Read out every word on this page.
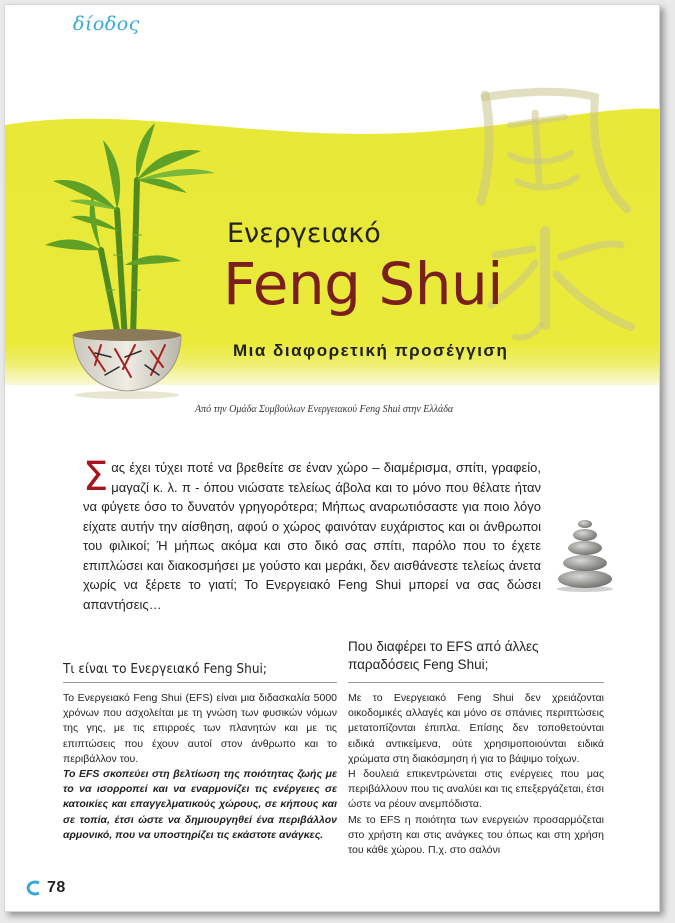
δίοδος
Ενεργειακό
Feng Shui
Μια διαφορετική προσέγγιση
Από την Ομάδα Συμβούλων Ενεργειακού Feng Shui στην Ελλάδα
Σ ας έχει τύχει ποτέ να βρεθείτε σε έναν χώρο – διαμέρισμα, σπίτι, γραφείο, μαγαζί κ. λ. π - όπου νιώσατε τελείως άβολα και το μόνο που θέλατε ήταν να φύγετε όσο το δυνατόν γρηγορότερα; Μήπως αναρωτιόσαστε για ποιο λόγο είχατε αυτήν την αίσθηση, αφού ο χώρος φαινόταν ευχάριστος και οι άνθρωποι του φιλικοί; Ή μήπως ακόμα και στο δικό σας σπίτι, παρόλο που το έχετε επιπλώσει και διακοσμήσει με γούστο και μεράκι, δεν αισθάνεστε τελείως άνετα χωρίς να ξέρετε το γιατί; Το Ενεργειακό Feng Shui μπορεί να σας δώσει απαντήσεις…
Που διαφέρει το EFS από άλλες
παραδόσεις Feng Shui;
Τι είναι το Ενεργειακό Feng Shui;

Το Ενεργειακό Feng Shui (EFS) είναι μια διδασκαλία 5000 χρόνων που ασχολείται με τη γνώση των φυσικών νόμων της γης, με τις επιρροές των πλανητών και με τις επιπτώσεις που έχουν αυτοί στον άνθρωπο και το περιβάλλον του.

Το EFS σκοπεύει στη βελτίωση της ποιότητας ζωής με το να ισορροπεί και να εναρμονίζει τις ενέργειες σε κατοικίες και επαγγελματικούς χώρους, σε κήπους και σε τοπία, έτσι ώστε να δημιουργηθεί ένα περιβάλλον αρμονικό, που να υποστηρίζει τις εκάστοτε ανάγκες.

Με το Ενεργειακό Feng Shui δεν χρειάζονται οικοδομικές αλλαγές και μόνο σε σπάνιες περιπτώσεις μετατοπίζονται έπιπλα. Επίσης δεν τοποθετούνται ειδικά αντικείμενα, ούτε χρησιμοποιούνται ειδικά χρώματα στη διακόσμηση ή για το βάψιμο τοίχων.

Η δουλειά επικεντρώνεται στις ενέργειες που μας περιβάλλουν που τις αναλύει και τις επεξεργάζεται, έτσι ώστε να ρέουν ανεμπόδιστα.

Με το EFS η ποιότητα των ενεργειών προσαρμόζεται στο χρήστη και στις ανάγκες του όπως και στη χρήση του κάθε χώρου. Π.χ. στο σαλόνι

78
